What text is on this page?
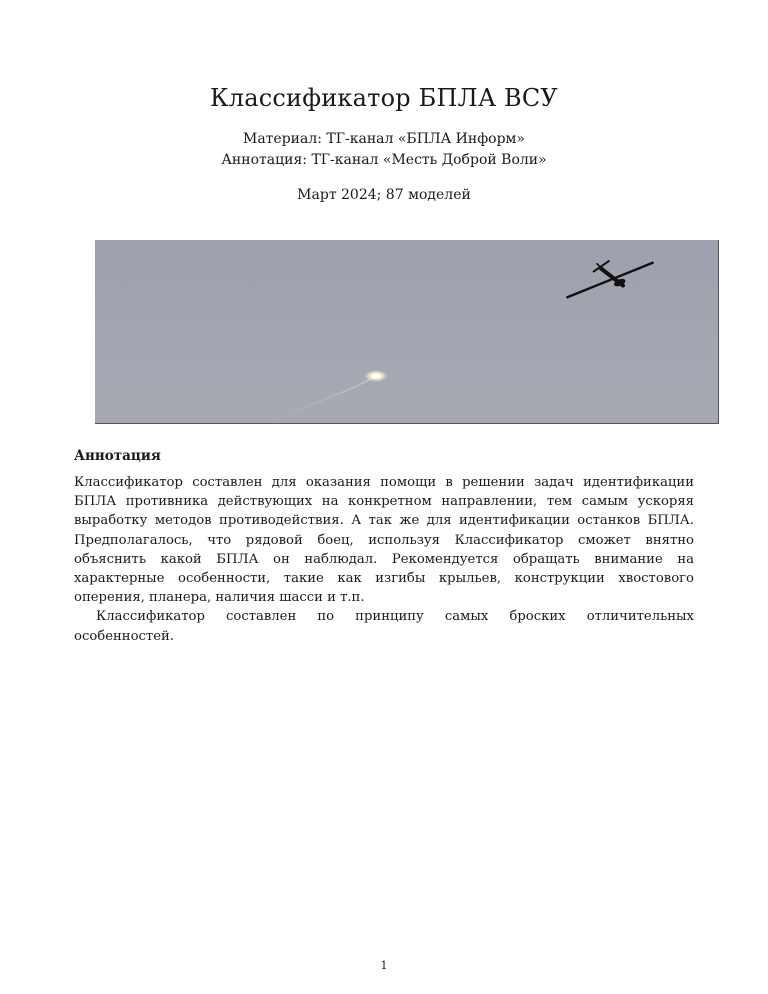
Классификатор БПЛА ВСУ
Материал: ТГ-канал «БПЛА Информ»
Аннотация: ТГ-канал «Месть Доброй Воли»
Март 2024; 87 моделей
Аннотация

Классификатор составлен для оказания помощи в решении задач идентификации БПЛА противника действующих на конкретном направлении, тем самым ускоряя выработку методов противодействия. А так же для идентификации останков БПЛА. Предполагалось, что рядовой боец, используя Классификатор сможет внятно объяснить какой БПЛА он наблюдал. Рекомендуется обращать внимание на характерные особенности, такие как изгибы крыльев, конструкции хвостового оперения, планера, наличия шасси и т.п.

Классификатор составлен по принципу самых броских отличительных особенностей.

1
